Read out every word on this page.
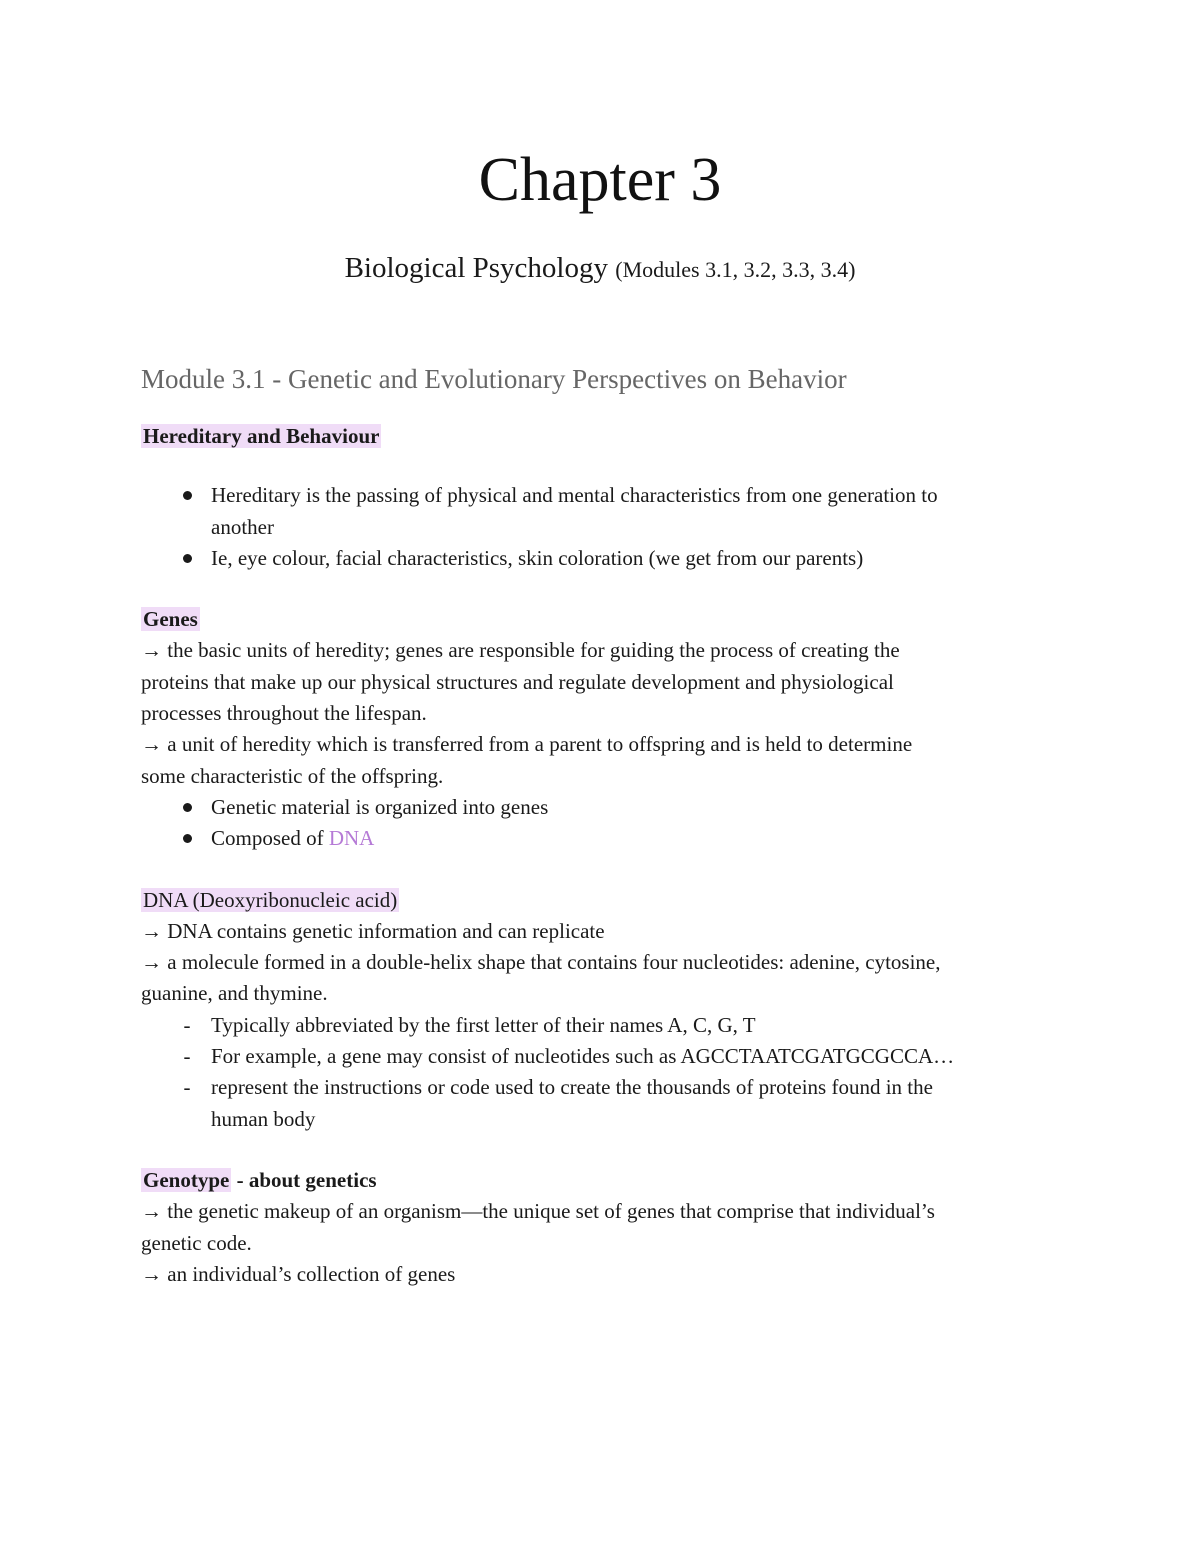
Chapter 3
Biological Psychology (Modules 3.1, 3.2, 3.3, 3.4)
Module 3.1 - Genetic and Evolutionary Perspectives on Behavior

Hereditary and Behaviour

Hereditary is the passing of physical and mental characteristics from one generation to
another
Ie, eye colour, facial characteristics, skin coloration (we get from our parents)

Genes

→ the basic units of heredity; genes are responsible for guiding the process of creating the

proteins that make up our physical structures and regulate development and physiological

processes throughout the lifespan.

→ a unit of heredity which is transferred from a parent to offspring and is held to determine

some characteristic of the offspring.

Genetic material is organized into genes
Composed of DNA

DNA (Deoxyribonucleic acid)

→ DNA contains genetic information and can replicate

→ a molecule formed in a double-helix shape that contains four nucleotides: adenine, cytosine,

guanine, and thymine.

- Typically abbreviated by the first letter of their names A, C, G, T
- For example, a gene may consist of nucleotides such as AGCCTAATCGATGCGCCA…
- represent the instructions or code used to create the thousands of proteins found in the
human body

Genotype - about genetics

→ the genetic makeup of an organism—the unique set of genes that comprise that individual’s

genetic code.

→ an individual’s collection of genes
